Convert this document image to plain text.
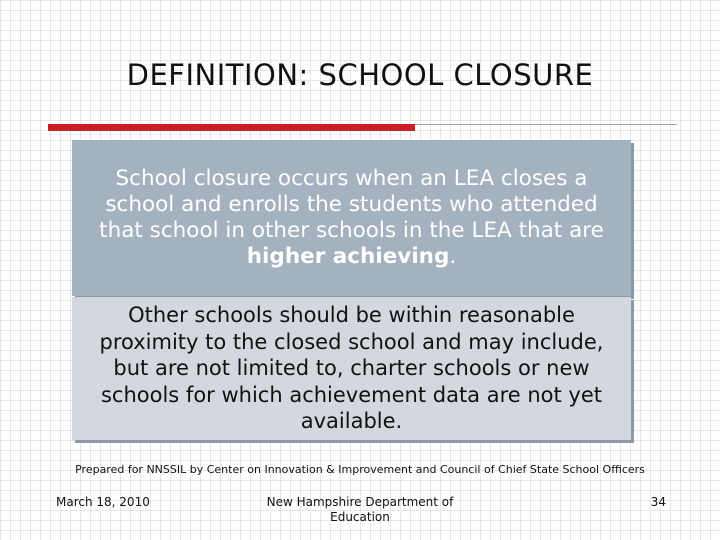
DEFINITION: SCHOOL CLOSURE
School closure occurs when an LEA closes a school and enrolls the students who attended that school in other schools in the LEA that are higher achieving.
Other schools should be within reasonable proximity to the closed school and may include, but are not limited to, charter schools or new schools for which achievement data are not yet available.
Prepared for NNSSIL by Center on Innovation & Improvement and Council of Chief State School Officers
March 18, 2010	New Hampshire Department of Education
34
